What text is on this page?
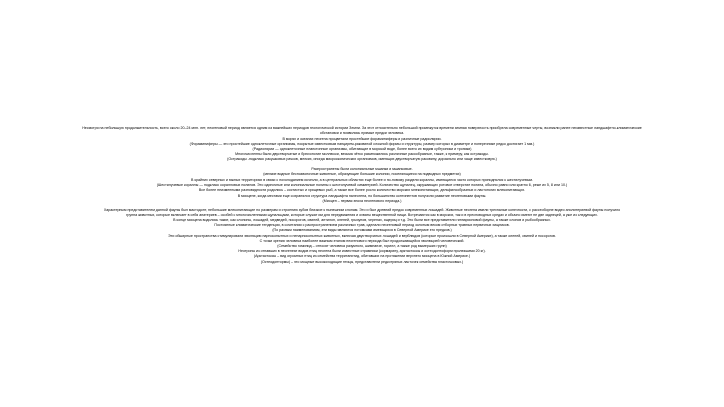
Несмотря на небольшую продолжительность, всего около 20–24 млн. лет, неогеновый период является одним из важнейших периодов геологической истории Земли. За этот относительно небольшой промежуток времени земная поверхность приобрела современные черты, возникли ранее неизвестные ландшафтно-климатические
обстановки и появились прямые предки человека.
В морях и океанах неогена процветали простейшие фораминиферы и различные радиолярии.
(Фораминиферы — это простейшие одноклеточные организмы, покрытые известковым панцирем-раковиной сложной формы и структуры, размер которых в диаметре и поперечнике редко достигает 1 мм.)
(Радиолярии — одноклеточные планктонные организмы, обитающие в морской воде, более всего их видим субтропики и тропики)
Многочисленны были двустворчатые и брюхоногие моллюски, весьма чётко размножились различные ракообразные, также, к примеру, как остракоды.
(Остракоды -подкласс ракушковых рачков, мелких, иногда микроскопических организмов, имеющих двустворчатую раковину, дорзально или чаще известковую.)
Распространены были колониальные мшанки и мшанковые.
(мелкие водные беспозвоночные животные, образующие большие колонии, поселяющиеся на подводных предметах)
В крайних северных и южных территориях в связи с похолоданием исчезли, а в центральных областях еще более и по-новому раздели кораллы, имеющиеся часто которых приподнялся к шестилучевым.
(Шестилучевые кораллы — подкласс коралловых полипов. Это одиночные или колониальные полипы с шестилучевой симметрией. Количество щупалец, окружающих ротовое отверстие полипа, обычно равно или кратно 6, реже их 5, 8 или 10.)
Все более неизменными разновидности родились – костистых и хрящевых рыб, а также все более росло количество морских млекопитающих, дельфинообразных и ластоногих млекопитающих.
В миоцене, когда местами еще сохранялся структура ландшафта палеогена, но большинство континентов получили развитие неогеновыми фауны.
(Миоцен – первая эпоха неогенового периода.)
Характерным представителем данной фауны был мастодонт, небольшие млекопитающие по размерам и строению зубов близкое к нынешним слонам. Это и был древний предок современных лошадей. Животные неогена имели трехпалые конечности, с рассеоборне видео анолитериевой фауны получило
группа животных, которые включает в себя анатериев – особей с многочисленными щупальцами, которые служат им для передвижения и охваты вещественной пищи. Встречаются как в морских, так и в пресноводных средах и обычно имеют не две заднецей, а уже из следующих.
В конце миоцена водились такие, как слонопы, лошадей, медведей, носорогов, свиней, антилоп, оленей, грызунов, черепах, ящериц и т.д. Это были все представители гиппарионовой фауны, а также слонов и рыбообразных.
Постоянные климатические тенденции, в сочетании с распространением различных трав, сделали неогеновый период золотым веком отборных травных первичных хищников.
(По разным наименованиям, эти виды являются потомками имеющихся в Северной Америке его предков.)
Эти обширные пространства стимулировали эволюцию парнокопытных и непарнокопытных животных, включая двустворчатых лошадей и верблюдов (которые произошли в Северной Америке), а также оленей, свиней и носорогов.
С точки зрения человека наиболее важным этапом неогенового периода был продолжающейся эволюцией человеческий.
(Семейство гоминид – относят человека разумного, шимпанзе, горилл, а также род вымерших групп)
Неотропы из отпавших в неогенезе видов птиц неогена были известные страмники (кормарину, арктастоксы и остеодонтоформ пролезшими 20 кг).
(Арктастоксы – вид огромных птиц из семейства терританитид, обитавших на протяжении верхнего миоцена в Южной Америке.)
(Остеодонтормы) – это мощные высокоходящие птицы, представители редкотряпых ласточек семейства пласточковых.)
